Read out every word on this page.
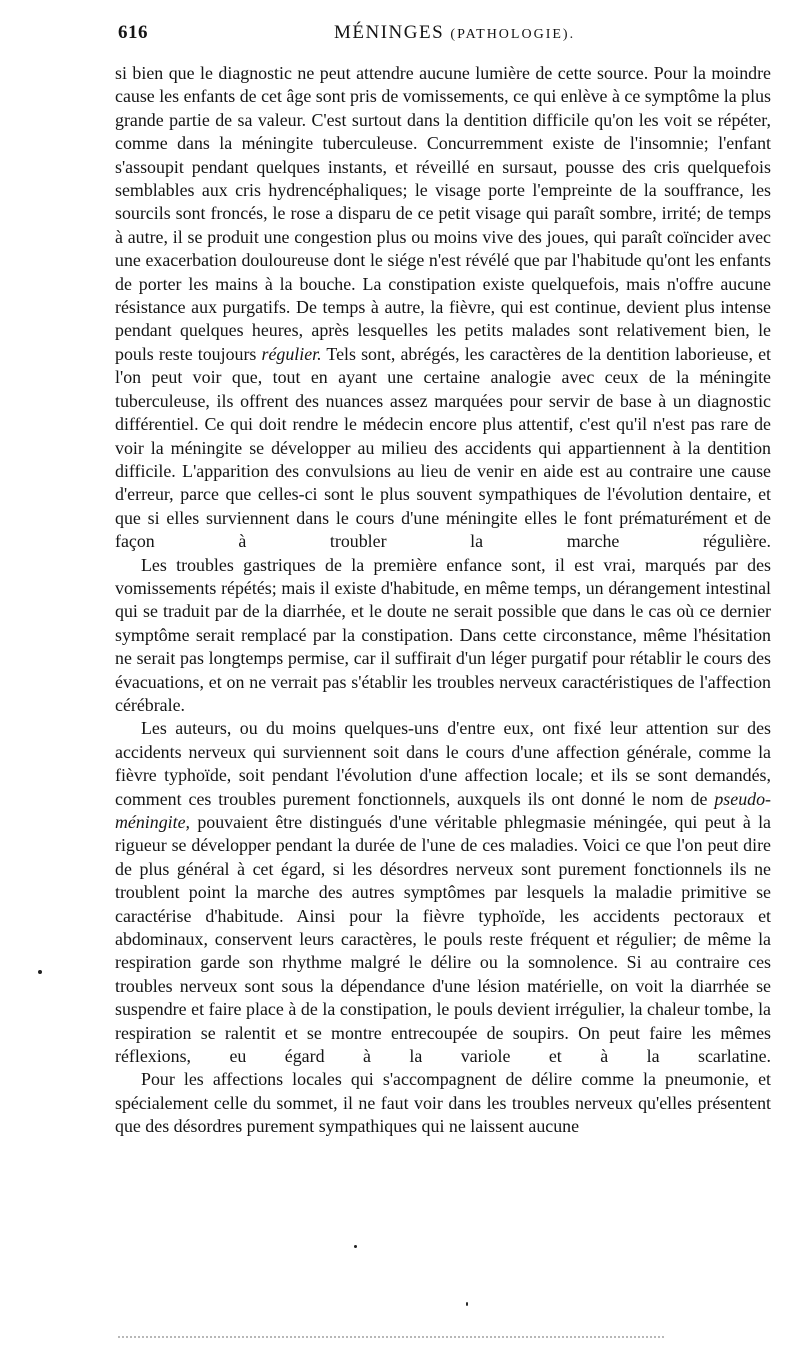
616	MÉNINGES (PATHOLOGIE).

si bien que le diagnostic ne peut attendre aucune lumière de cette source. Pour la moindre cause les enfants de cet âge sont pris de vomissements, ce qui enlève à ce symptôme la plus grande partie de sa valeur. C'est surtout dans la dentition difficile qu'on les voit se répéter, comme dans la méningite tuberculeuse. Concurremment existe de l'insomnie; l'enfant s'assoupit pendant quelques instants, et réveillé en sursaut, pousse des cris quelquefois semblables aux cris hydrencéphaliques; le visage porte l'empreinte de la souffrance, les sourcils sont froncés, le rose a disparu de ce petit visage qui paraît sombre, irrité; de temps à autre, il se produit une congestion plus ou moins vive des joues, qui paraît coïncider avec une exacerbation douloureuse dont le siége n'est révélé que par l'habitude qu'ont les enfants de porter les mains à la bouche. La constipation existe quelquefois, mais n'offre aucune résistance aux purgatifs. De temps à autre, la fièvre, qui est continue, devient plus intense pendant quelques heures, après lesquelles les petits malades sont relativement bien, le pouls reste toujours régulier. Tels sont, abrégés, les caractères de la dentition laborieuse, et l'on peut voir que, tout en ayant une certaine analogie avec ceux de la méningite tuberculeuse, ils offrent des nuances assez marquées pour servir de base à un diagnostic différentiel. Ce qui doit rendre le médecin encore plus attentif, c'est qu'il n'est pas rare de voir la méningite se développer au milieu des accidents qui appartiennent à la dentition difficile. L'apparition des convulsions au lieu de venir en aide est au contraire une cause d'erreur, parce que celles-ci sont le plus souvent sympathiques de l'évolution dentaire, et que si elles surviennent dans le cours d'une méningite elles le font prématurément et de façon à troubler la marche régulière.

Les troubles gastriques de la première enfance sont, il est vrai, marqués par des vomissements répétés; mais il existe d'habitude, en même temps, un dérangement intestinal qui se traduit par de la diarrhée, et le doute ne serait possible que dans le cas où ce dernier symptôme serait remplacé par la constipation. Dans cette circonstance, même l'hésitation ne serait pas longtemps permise, car il suffirait d'un léger purgatif pour rétablir le cours des évacuations, et on ne verrait pas s'établir les troubles nerveux caractéristiques de l'affection cérébrale.

Les auteurs, ou du moins quelques-uns d'entre eux, ont fixé leur attention sur des accidents nerveux qui surviennent soit dans le cours d'une affection générale, comme la fièvre typhoïde, soit pendant l'évolution d'une affection locale; et ils se sont demandés, comment ces troubles purement fonctionnels, auxquels ils ont donné le nom de pseudo-méningite, pouvaient être distingués d'une véritable phlegmasie méningée, qui peut à la rigueur se développer pendant la durée de l'une de ces maladies. Voici ce que l'on peut dire de plus général à cet égard, si les désordres nerveux sont purement fonctionnels ils ne troublent point la marche des autres symptômes par lesquels la maladie primitive se caractérise d'habitude. Ainsi pour la fièvre typhoïde, les accidents pectoraux et abdominaux, conservent leurs caractères, le pouls reste fréquent et régulier; de même la respiration garde son rhythme malgré le délire ou la somnolence. Si au contraire ces troubles nerveux sont sous la dépendance d'une lésion matérielle, on voit la diarrhée se suspendre et faire place à de la constipation, le pouls devient irrégulier, la chaleur tombe, la respiration se ralentit et se montre entrecoupée de soupirs. On peut faire les mêmes réflexions, eu égard à la variole et à la scarlatine.

Pour les affections locales qui s'accompagnent de délire comme la pneumonie, et spécialement celle du sommet, il ne faut voir dans les troubles nerveux qu'elles présentent que des désordres purement sympathiques qui ne laissent aucune
